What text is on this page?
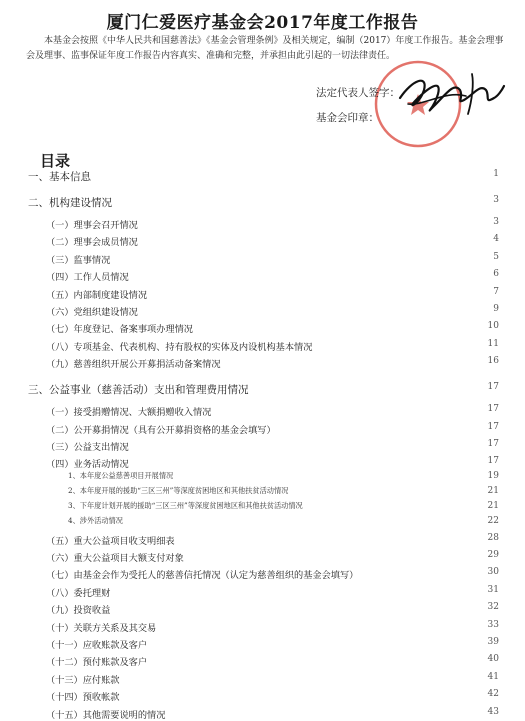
厦门仁爱医疗基金会2017年度工作报告
本基金会按照《中华人民共和国慈善法》《基金会管理条例》及相关规定，编制（2017）年度工作报告。基金会理事会及理事、监事保证年度工作报告内容真实、准确和完整，并承担由此引起的一切法律责任。
法定代表人签字：
基金会印章：
目录
一、基本信息	1
二、机构建设情况	3
（一）理事会召开情况	3
（二）理事会成员情况	4
（三）监事情况	5
（四）工作人员情况	6
（五）内部制度建设情况	7
（六）党组织建设情况	9
（七）年度登记、备案事项办理情况	10
（八）专项基金、代表机构、持有股权的实体及内设机构基本情况	11
（九）慈善组织开展公开募捐活动备案情况	16
三、公益事业（慈善活动）支出和管理费用情况	17
（一）接受捐赠情况、大额捐赠收入情况	17
（二）公开募捐情况（具有公开募捐资格的基金会填写）	17
（三）公益支出情况	17
（四）业务活动情况	17
1、本年度公益慈善项目开展情况	19
2、本年度开展的援助“三区三州”等深度贫困地区和其他扶贫活动情况	21
3、下年度计划开展的援助“三区三州”等深度贫困地区和其他扶贫活动情况	21
4、涉外活动情况	22
（五）重大公益项目收支明细表	28
（六）重大公益项目大额支付对象	29
（七）由基金会作为受托人的慈善信托情况（认定为慈善组织的基金会填写）	30
（八）委托理财	31
（九）投资收益	32
（十）关联方关系及其交易	33
（十一）应收账款及客户	39
（十二）预付账款及客户	40
（十三）应付账款	41
（十四）预收帐款	42
（十五）其他需要说明的情况	43
